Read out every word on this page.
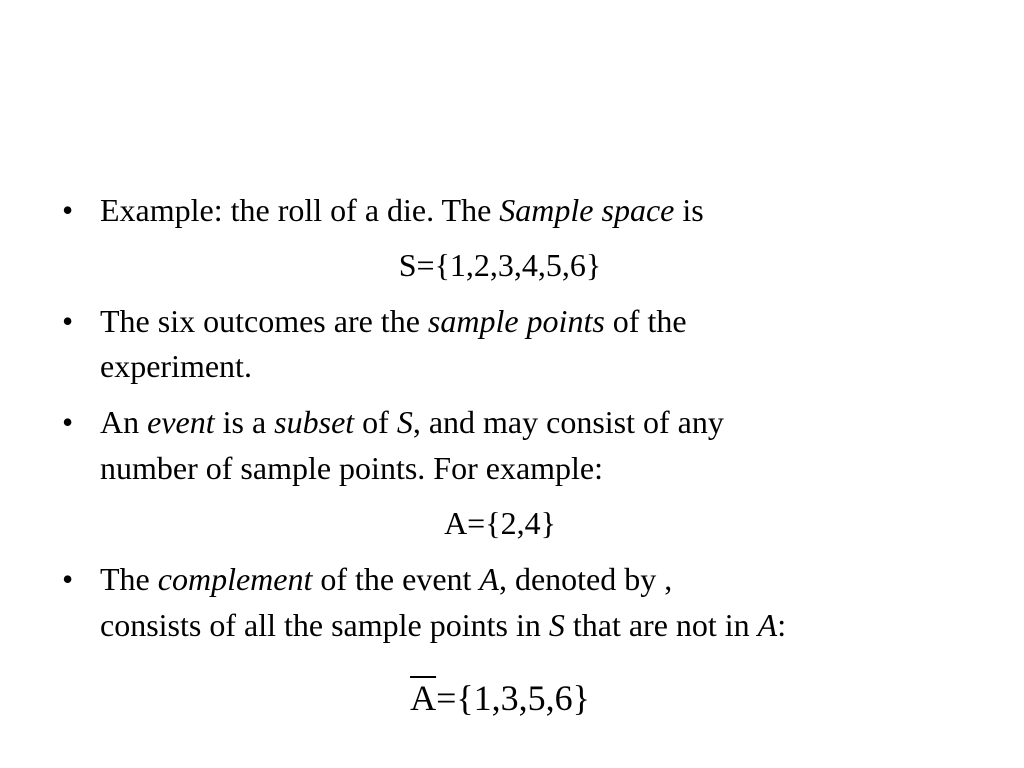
• Example: the roll of a die. The Sample space is
S={1,2,3,4,5,6}
• The six outcomes are the sample points of the
experiment.
• An event is a subset of S, and may consist of any
number of sample points. For example:
A={2,4}
• The complement of the event A, denoted by ,
consists of all the sample points in S that are not in A:
$\overline{A}=\{1,3,5,6\}$
